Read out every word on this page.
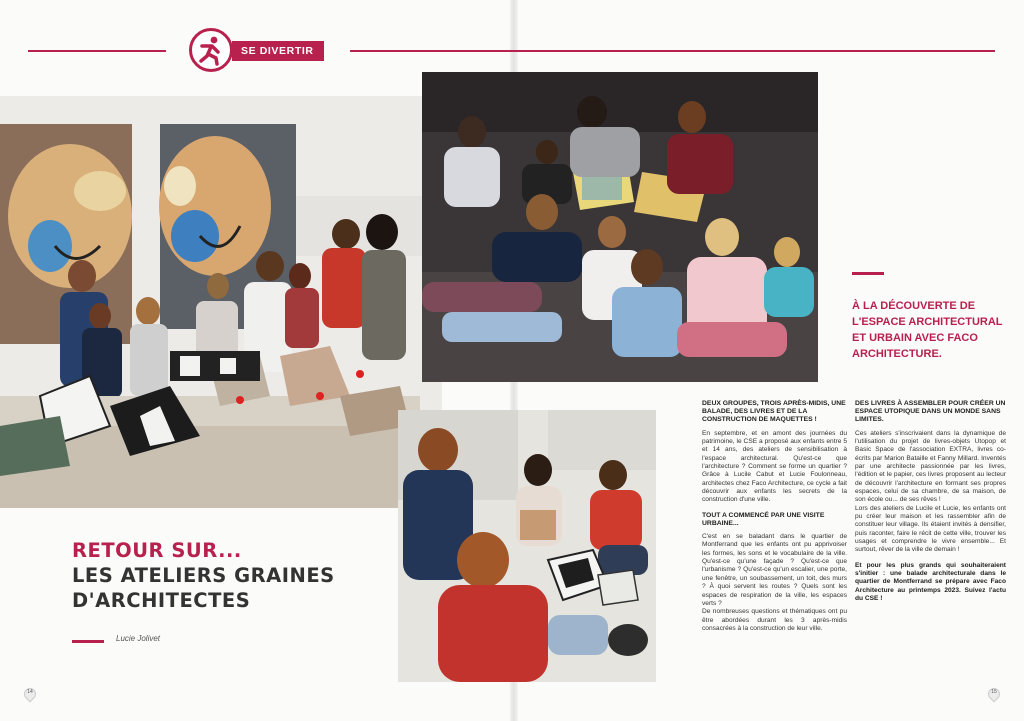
SE DIVERTIR
RETOUR SUR...
LES ATELIERS GRAINES
D'ARCHITECTES
Lucie Jolivet
14	15
À LA DÉCOUVERTE DE L'ESPACE ARCHITECTURAL ET URBAIN AVEC FACO ARCHITECTURE.
DEUX GROUPES, TROIS APRÈS-MIDIS, UNE BALADE, DES LIVRES ET DE LA CONSTRUCTION DE MAQUETTES !

En septembre, et en amont des journées du patrimoine, le CSE a proposé aux enfants entre 5 et 14 ans, des ateliers de sensibilisation à l'espace architectural. Qu'est-ce que l'architecture ? Comment se forme un quartier ? Grâce à Lucile Cabut et Lucie Foulonneau, architectes chez Faco Architecture, ce cycle a fait découvrir aux enfants les secrets de la construction d'une ville.

TOUT A COMMENCÉ PAR UNE VISITE URBAINE...

C'est en se baladant dans le quartier de Montferrand que les enfants ont pu apprivoiser les formes, les sons et le vocabulaire de la ville. Qu'est-ce qu'une façade ? Qu'est-ce que l'urbanisme ? Qu'est-ce qu'un escalier, une porte, une fenêtre, un soubassement, un toit, des murs ? À quoi servent les routes ? Quels sont les espaces de respiration de la ville, les espaces verts ?

De nombreuses questions et thématiques ont pu être abordées durant les 3 après-midis consacrées à la construction de leur ville.

DES LIVRES À ASSEMBLER POUR CRÉER UN ESPACE UTOPIQUE DANS UN MONDE SANS LIMITES.

Ces ateliers s'inscrivaient dans la dynamique de l'utilisation du projet de livres-objets Utopop et Basic Space de l'association EXTRA, livres co-écrits par Marion Bataille et Fanny Millard. Inventés par une architecte passionnée par les livres, l'édition et le papier, ces livres proposent au lecteur de découvrir l'architecture en formant ses propres espaces, celui de sa chambre, de sa maison, de son école ou... de ses rêves !

Lors des ateliers de Lucile et Lucie, les enfants ont pu créer leur maison et les rassembler afin de constituer leur village. Ils étaient invités à densifier, puis raconter, faire le récit de cette ville, trouver les usages et comprendre le vivre ensemble... Et surtout, rêver de la ville de demain !

Et pour les plus grands qui souhaiteraient s'initier : une balade architecturale dans le quartier de Montferrand se prépare avec Faco Architecture au printemps 2023. Suivez l'actu du CSE !
